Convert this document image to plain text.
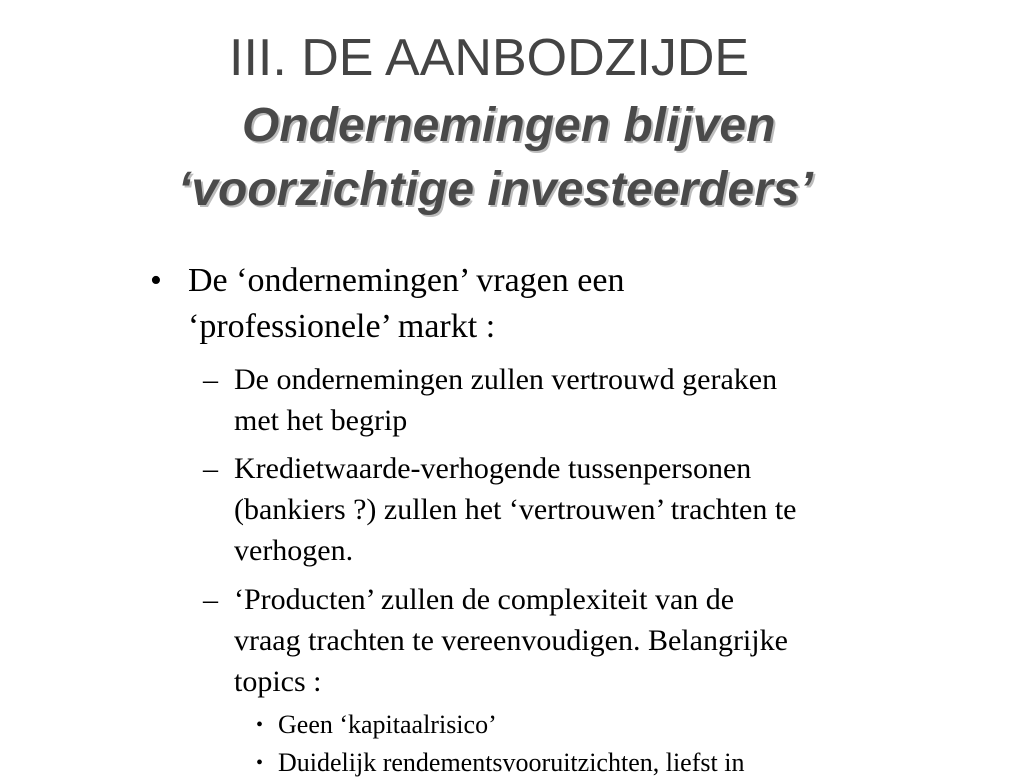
III. DE AANBODZIJDE
Ondernemingen blijven
‘voorzichtige investeerders’
• De ‘ondernemingen’ vragen een
‘professionele’ markt :
– De ondernemingen zullen vertrouwd geraken
met het begrip
– Kredietwaarde-verhogende tussenpersonen
(bankiers ?) zullen het ‘vertrouwen’ trachten te
verhogen.
– ‘Producten’ zullen de complexiteit van de
vraag trachten te vereenvoudigen. Belangrijke
topics :
• Geen ‘kapitaalrisico’
• Duidelijk rendementsvooruitzichten, liefst in
